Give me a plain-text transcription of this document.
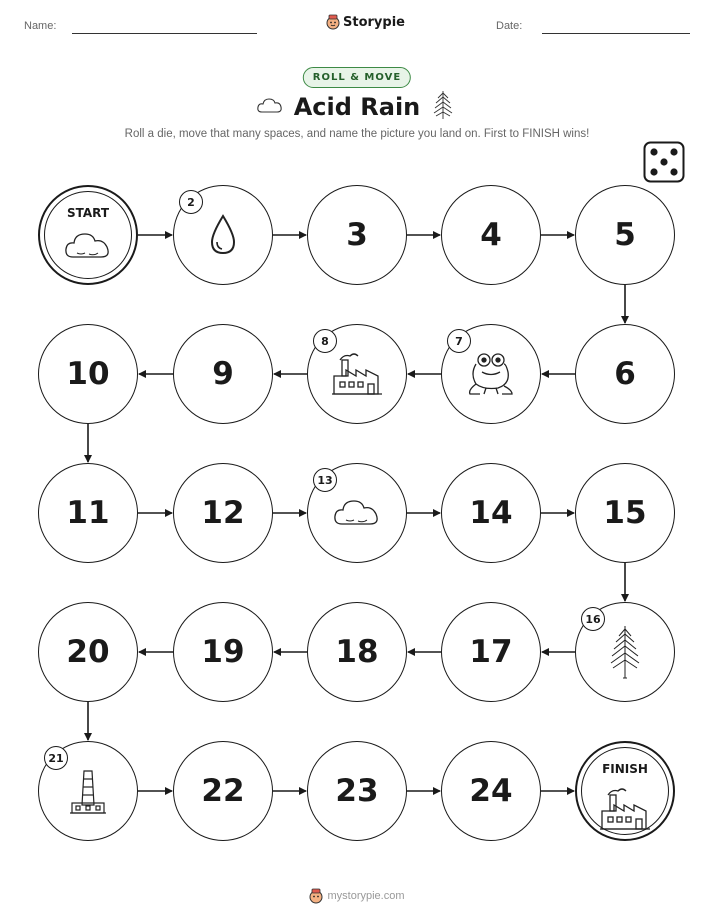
Name:	Storypie	Date:
ROLL & MOVE
Acid Rain
Roll a die, move that many spaces, and name the picture you land on. First to FINISH wins!
START
2
3	4	5
6
7
8
9
10
11	12
13
14	15
16
17
18
19
20
21
22	23	24
FINISH
mystorypie.com
